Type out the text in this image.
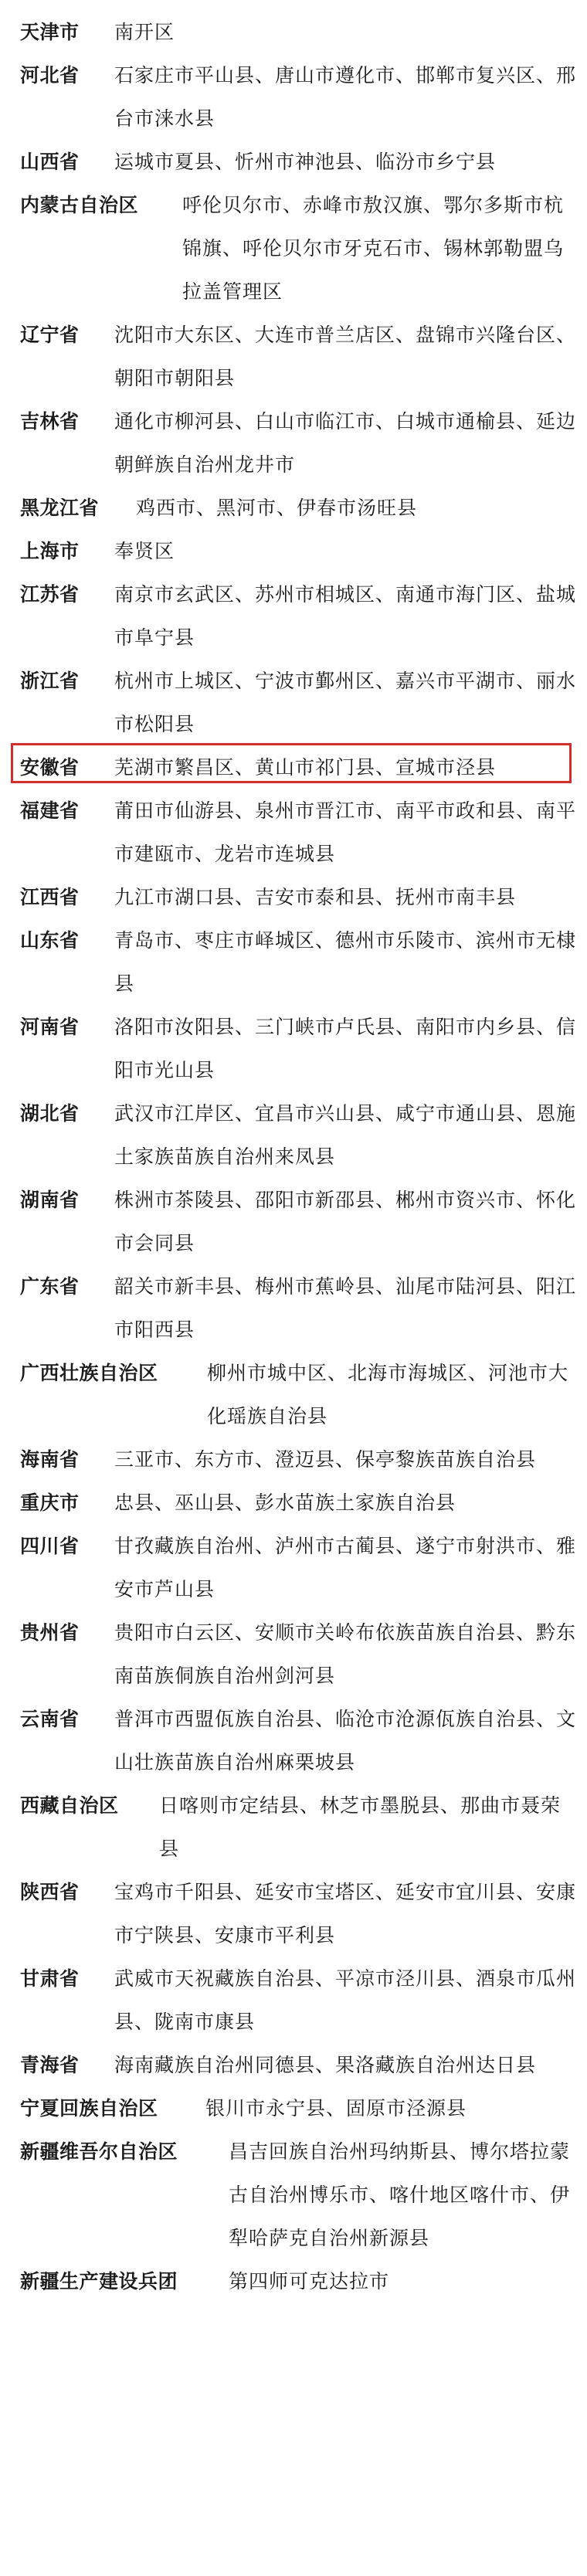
天津市	南开区
河北省	石家庄市平山县、唐山市遵化市、邯郸市复兴区、邢台市涞水县
山西省	运城市夏县、忻州市神池县、临汾市乡宁县
内蒙古自治区	呼伦贝尔市、赤峰市敖汉旗、鄂尔多斯市杭锦旗、呼伦贝尔市牙克石市、锡林郭勒盟乌拉盖管理区
辽宁省	沈阳市大东区、大连市普兰店区、盘锦市兴隆台区、朝阳市朝阳县
吉林省	通化市柳河县、白山市临江市、白城市通榆县、延边朝鲜族自治州龙井市
黑龙江省	鸡西市、黑河市、伊春市汤旺县
上海市	奉贤区
江苏省	南京市玄武区、苏州市相城区、南通市海门区、盐城市阜宁县
浙江省	杭州市上城区、宁波市鄞州区、嘉兴市平湖市、丽水市松阳县
安徽省	芜湖市繁昌区、黄山市祁门县、宣城市泾县
福建省	莆田市仙游县、泉州市晋江市、南平市政和县、南平市建瓯市、龙岩市连城县
江西省	九江市湖口县、吉安市泰和县、抚州市南丰县
山东省	青岛市、枣庄市峄城区、德州市乐陵市、滨州市无棣县
河南省	洛阳市汝阳县、三门峡市卢氏县、南阳市内乡县、信阳市光山县
湖北省	武汉市江岸区、宜昌市兴山县、咸宁市通山县、恩施土家族苗族自治州来凤县
湖南省	株洲市茶陵县、邵阳市新邵县、郴州市资兴市、怀化市会同县
广东省	韶关市新丰县、梅州市蕉岭县、汕尾市陆河县、阳江市阳西县
广西壮族自治区	柳州市城中区、北海市海城区、河池市大化瑶族自治县
海南省	三亚市、东方市、澄迈县、保亭黎族苗族自治县
重庆市	忠县、巫山县、彭水苗族土家族自治县
四川省	甘孜藏族自治州、泸州市古蔺县、遂宁市射洪市、雅安市芦山县
贵州省	贵阳市白云区、安顺市关岭布依族苗族自治县、黔东南苗族侗族自治州剑河县
云南省	普洱市西盟佤族自治县、临沧市沧源佤族自治县、文山壮族苗族自治州麻栗坡县
西藏自治区	日喀则市定结县、林芝市墨脱县、那曲市聂荣县
陕西省	宝鸡市千阳县、延安市宝塔区、延安市宜川县、安康市宁陕县、安康市平利县
甘肃省	武威市天祝藏族自治县、平凉市泾川县、酒泉市瓜州县、陇南市康县
青海省	海南藏族自治州同德县、果洛藏族自治州达日县
宁夏回族自治区	银川市永宁县、固原市泾源县
新疆维吾尔自治区	昌吉回族自治州玛纳斯县、博尔塔拉蒙古自治州博乐市、喀什地区喀什市、伊犁哈萨克自治州新源县
新疆生产建设兵团	第四师可克达拉市
